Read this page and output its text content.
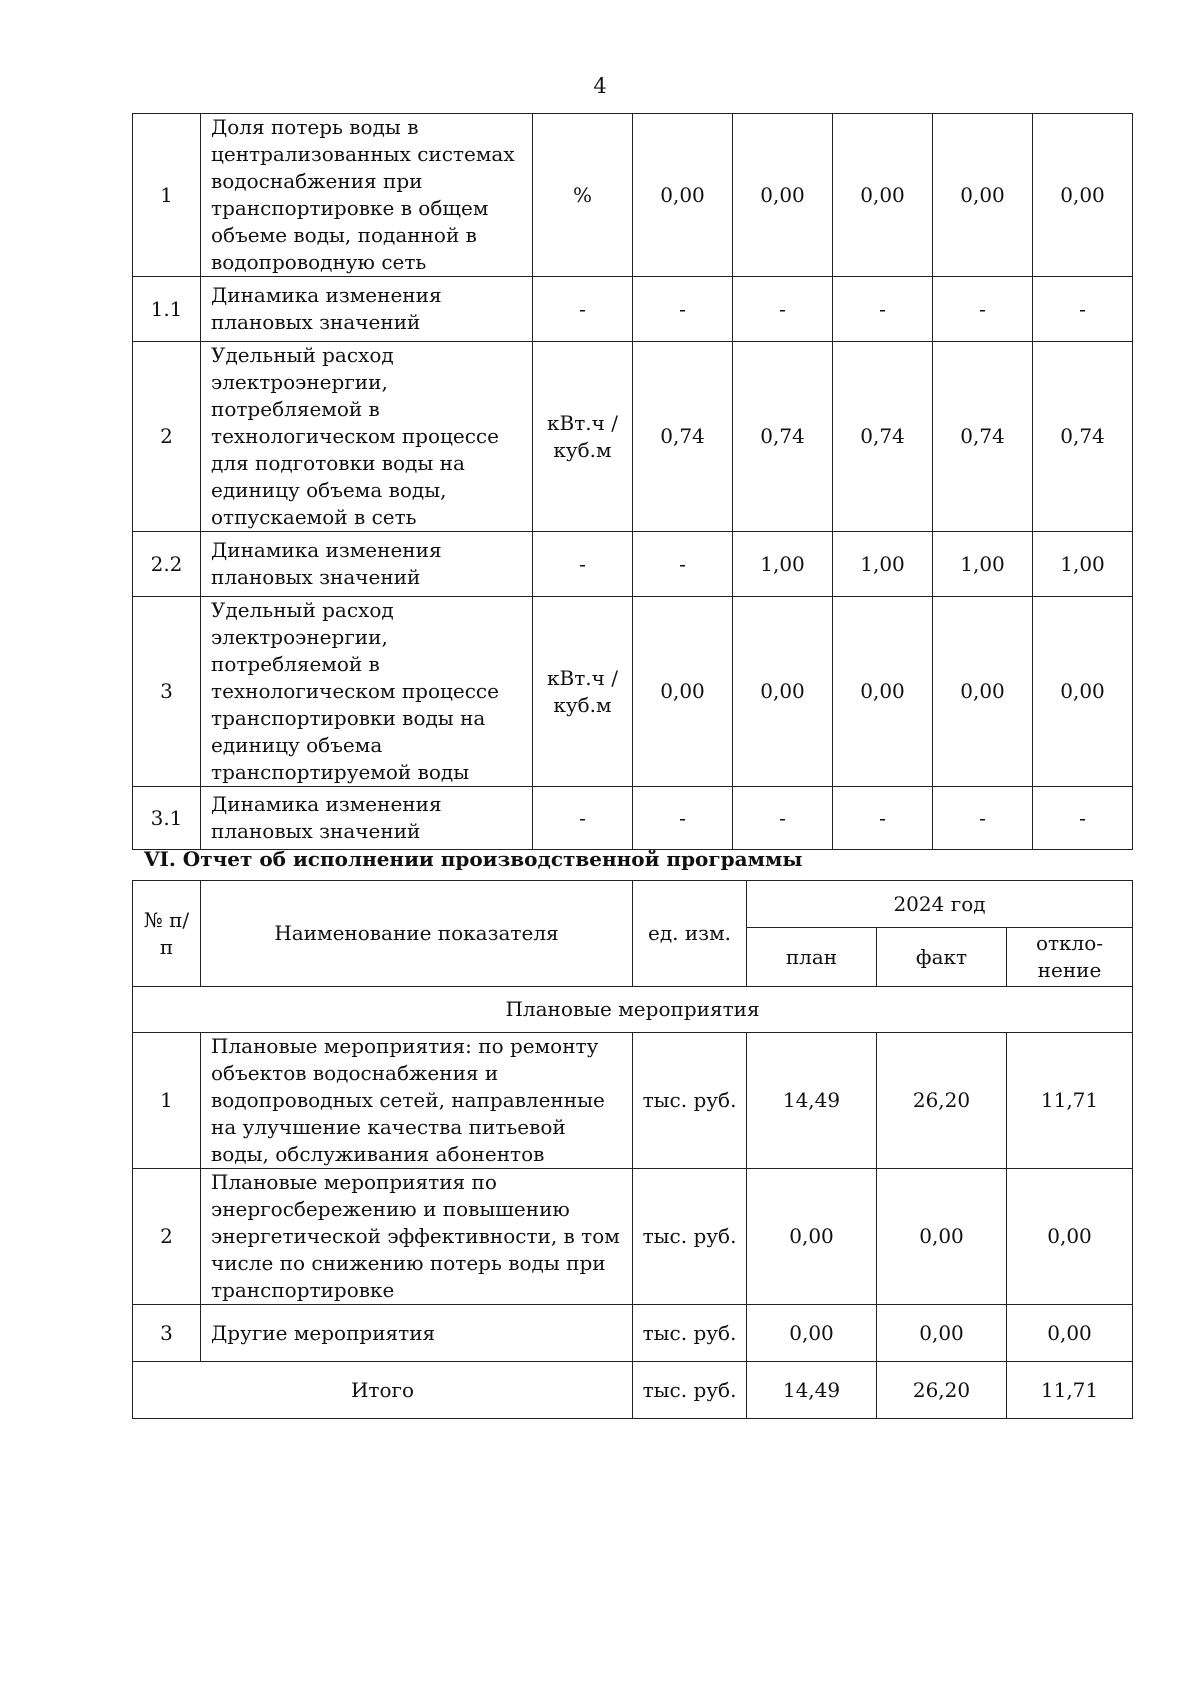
4
1	Доля потерь воды в централизованных системах водоснабжения при транспортировке в общем объеме воды, поданной в водопроводную сеть	%	0,00	0,00	0,00	0,00	0,00
1.1	Динамика изменения плановых значений	-	-	-	-	-	-
2	Удельный расход электроэнергии, потребляемой в технологическом процессе для подготовки воды на единицу объема воды, отпускаемой в сеть	кВт.ч / куб.м	0,74	0,74	0,74	0,74	0,74
2.2	Динамика изменения плановых значений	-	-	1,00	1,00	1,00	1,00
3	Удельный расход электроэнергии, потребляемой в технологическом процессе транспортировки воды на единицу объема транспортируемой воды	кВт.ч / куб.м	0,00	0,00	0,00	0,00	0,00
3.1	Динамика изменения плановых значений	-	-	-	-	-	-
VI. Отчет об исполнении производственной программы
№ п/п	Наименование показателя	ед. изм.	2024 год		
			план	факт	откло-нение
Плановые мероприятия					
1	Плановые мероприятия: по ремонту объектов водоснабжения и водопроводных сетей, направленные на улучшение качества питьевой воды, обслуживания абонентов	тыс. руб.	14,49	26,20	11,71
2	Плановые мероприятия по энергосбережению и повышению энергетической эффективности, в том числе по снижению потерь воды при транспортировке	тыс. руб.	0,00	0,00	0,00
3	Другие мероприятия	тыс. руб.	0,00	0,00	0,00
Итого		тыс. руб.	14,49	26,20	11,71
